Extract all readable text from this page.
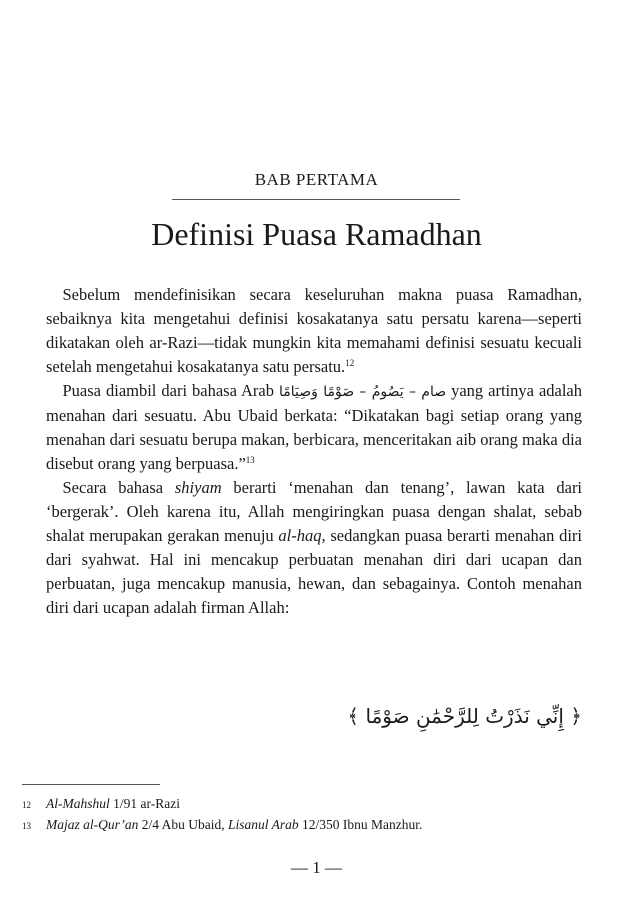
BAB PERTAMA
Definisi Puasa Ramadhan

 Sebelum mendefinisikan secara keseluruhan makna puasa Ramadhan, sebaiknya kita mengetahui definisi kosakatanya satu persatu karena—seperti dikatakan oleh ar-Razi—tidak mungkin kita memahami definisi sesuatu kecuali setelah mengetahui kosakatanya satu persatu.$^{12}$

 Puasa diambil dari bahasa Arab صام – يَصُومُ – صَوْمًا وَصِيَامًا yang artinya adalah menahan dari sesuatu. Abu Ubaid berkata: “Dikatakan bagi setiap orang yang menahan dari sesuatu berupa makan, berbicara, menceritakan aib orang maka dia disebut orang yang berpuasa.”$^{13}$

 Secara bahasa shiyam berarti ‘menahan dan tenang’, lawan kata dari ‘bergerak’. Oleh karena itu, Allah mengiringkan puasa dengan shalat, sebab shalat merupakan gerakan menuju al-haq, sedangkan puasa berarti menahan diri dari syahwat. Hal ini mencakup perbuatan menahan diri dari ucapan dan perbuatan, juga mencakup manusia, hewan, dan sebagainya. Contoh menahan diri dari ucapan adalah firman Allah:

﴿ إِنِّي نَذَرْتُ لِلرَّحْمَٰنِ صَوْمًا ﴾
12	Al-Mahshul 1/91 ar-Razi
13	Majaz al-Qur’an 2/4 Abu Ubaid, Lisanul Arab 12/350 Ibnu Manzhur.
— 1 —
